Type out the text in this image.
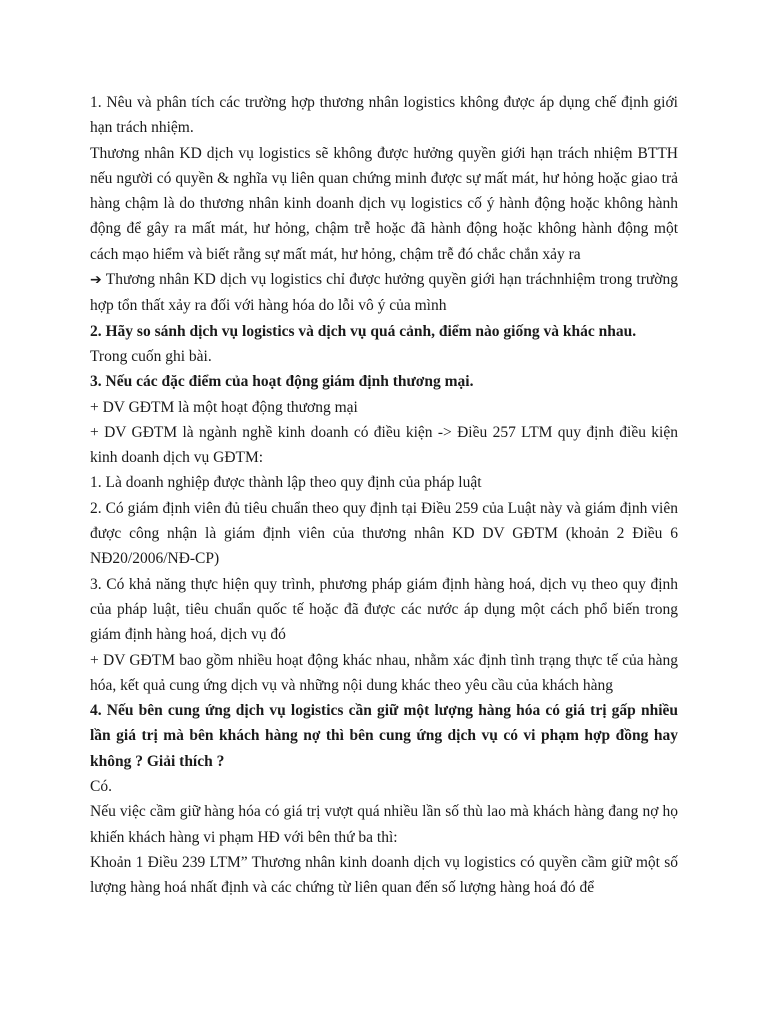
1. Nêu và phân tích các trường hợp thương nhân logistics không được áp dụng chế định giới hạn trách nhiệm.

Thương nhân KD dịch vụ logistics sẽ không được hưởng quyền giới hạn trách nhiệm BTTH nếu người có quyền & nghĩa vụ liên quan chứng minh được sự mất mát, hư hỏng hoặc giao trả hàng chậm là do thương nhân kinh doanh dịch vụ logistics cố ý hành động hoặc không hành động để gây ra mất mát, hư hỏng, chậm trễ hoặc đã hành động hoặc không hành động một cách mạo hiểm và biết rằng sự mất mát, hư hỏng, chậm trễ đó chắc chắn xảy ra

➔ Thương nhân KD dịch vụ logistics chỉ được hưởng quyền giới hạn tráchnhiệm trong trường hợp tổn thất xảy ra đối với hàng hóa do lỗi vô ý của mình

2. Hãy so sánh dịch vụ logistics và dịch vụ quá cảnh, điểm nào giống và khác nhau.

Trong cuốn ghi bài.

3. Nếu các đặc điểm của hoạt động giám định thương mại.

+ DV GĐTM là một hoạt động thương mại

+ DV GĐTM là ngành nghề kinh doanh có điều kiện -> Điều 257 LTM quy định điều kiện kinh doanh dịch vụ GĐTM:

1. Là doanh nghiệp được thành lập theo quy định của pháp luật

2. Có giám định viên đủ tiêu chuẩn theo quy định tại Điều 259 của Luật này và giám định viên được công nhận là giám định viên của thương nhân KD DV GĐTM (khoản 2 Điều 6 NĐ20/2006/NĐ-CP)

3. Có khả năng thực hiện quy trình, phương pháp giám định hàng hoá, dịch vụ theo quy định của pháp luật, tiêu chuẩn quốc tế hoặc đã được các nước áp dụng một cách phổ biến trong giám định hàng hoá, dịch vụ đó

+ DV GĐTM bao gồm nhiều hoạt động khác nhau, nhằm xác định tình trạng thực tế của hàng hóa, kết quả cung ứng dịch vụ và những nội dung khác theo yêu cầu của khách hàng

4. Nếu bên cung ứng dịch vụ logistics cần giữ một lượng hàng hóa có giá trị gấp nhiều lần giá trị mà bên khách hàng nợ thì bên cung ứng dịch vụ có vi phạm hợp đồng hay không ? Giải thích ?

Có.

Nếu việc cầm giữ hàng hóa có giá trị vượt quá nhiều lần số thù lao mà khách hàng đang nợ họ khiến khách hàng vi phạm HĐ với bên thứ ba thì:

Khoản 1 Điều 239 LTM” Thương nhân kinh doanh dịch vụ logistics có quyền cầm giữ một số lượng hàng hoá nhất định và các chứng từ liên quan đến số lượng hàng hoá đó để
